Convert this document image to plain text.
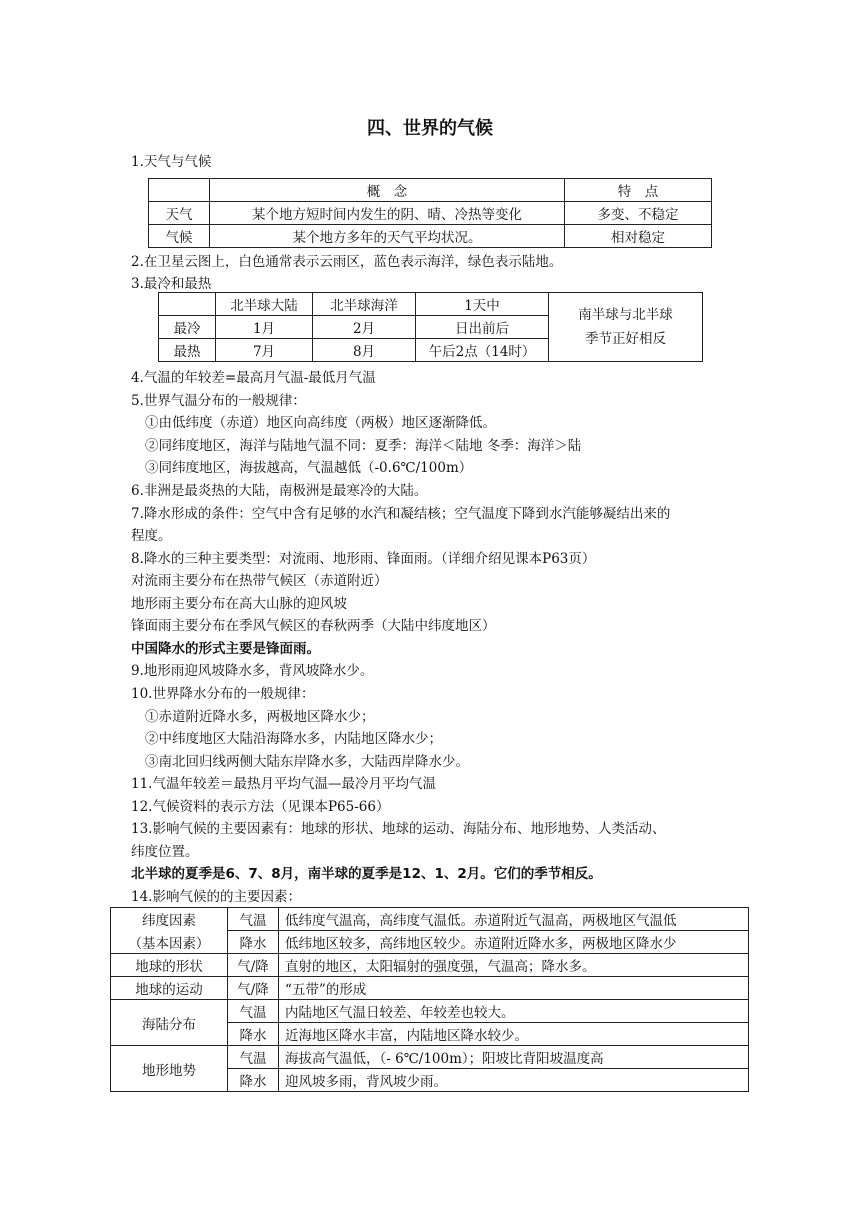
四、世界的气候
1.天气与气候
	概　念	特　点
天气	某个地方短时间内发生的阴、晴、冷热等变化	多变、不稳定
气候	某个地方多年的天气平均状况。	相对稳定
2.在卫星云图上，白色通常表示云雨区，蓝色表示海洋，绿色表示陆地。
3.最冷和最热
	北半球大陆	北半球海洋	1天中	南半球与北半球
季节正好相反

最冷	1月	2月	日出前后	
最热	7月	8月	午后2点（14时）	
4.气温的年较差=最高月气温-最低月气温
5.世界气温分布的一般规律：
①由低纬度（赤道）地区向高纬度（两极）地区逐渐降低。
②同纬度地区，海洋与陆地气温不同：夏季：海洋＜陆地 冬季：海洋＞陆
③同纬度地区，海拔越高，气温越低（-0.6℃/100m）
6.非洲是最炎热的大陆，南极洲是最寒冷的大陆。
7.降水形成的条件：空气中含有足够的水汽和凝结核；空气温度下降到水汽能够凝结出来的
程度。
8.降水的三种主要类型：对流雨、地形雨、锋面雨。（详细介绍见课本P63页）
对流雨主要分布在热带气候区（赤道附近）
地形雨主要分布在高大山脉的迎风坡
锋面雨主要分布在季风气候区的春秋两季（大陆中纬度地区）
中国降水的形式主要是锋面雨。
9.地形雨迎风坡降水多，背风坡降水少。
10.世界降水分布的一般规律：
①赤道附近降水多，两极地区降水少；
②中纬度地区大陆沿海降水多，内陆地区降水少；
③南北回归线两侧大陆东岸降水多，大陆西岸降水少。
11.气温年较差＝最热月平均气温—最冷月平均气温
12.气候资料的表示方法（见课本P65-66）
13.影响气候的主要因素有：地球的形状、地球的运动、海陆分布、地形地势、人类活动、
纬度位置。
北半球的夏季是6、7、8月，南半球的夏季是12、1、2月。它们的季节相反。
14.影响气候的的主要因素：
纬度因素	气温	低纬度气温高，高纬度气温低。赤道附近气温高，两极地区气温低
（基本因素）	降水	低纬地区较多，高纬地区较少。赤道附近降水多，两极地区降水少
地球的形状	气/降	直射的地区，太阳辐射的强度强，气温高；降水多。
地球的运动	气/降	“五带”的形成
海陆分布	气温	内陆地区气温日较差、年较差也较大。
	降水	近海地区降水丰富，内陆地区降水较少。
地形地势	气温	海拔高气温低，（- 6℃/100m）；阳坡比背阳坡温度高
	降水	迎风坡多雨，背风坡少雨。
